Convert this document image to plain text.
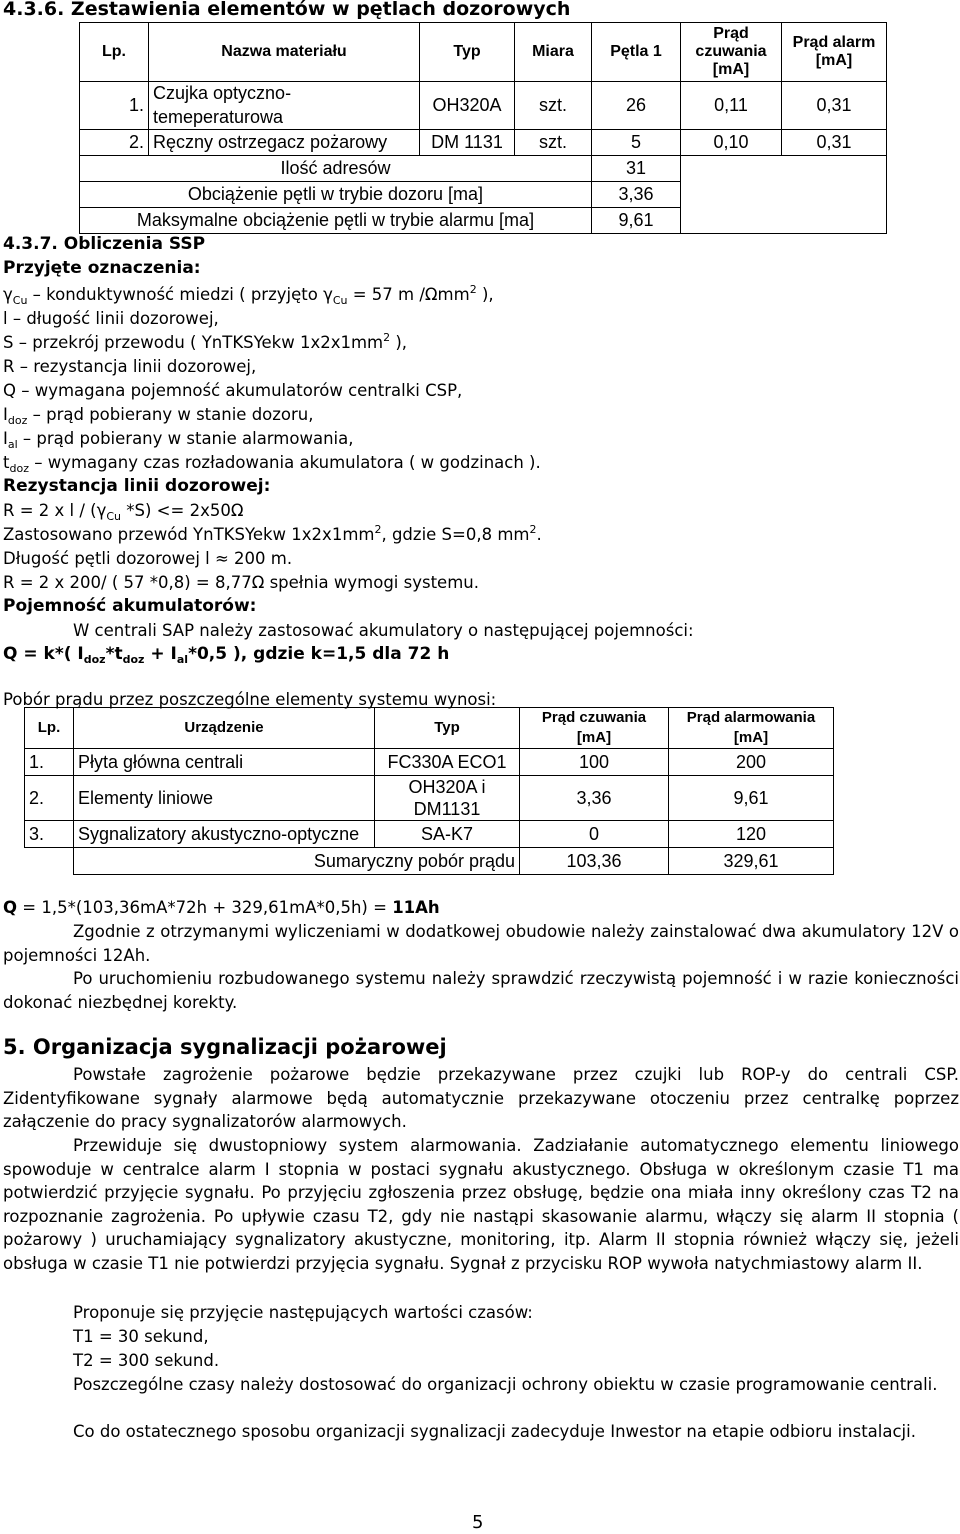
4.3.6. Zestawienia elementów w pętlach dozorowych
Lp.	Nazwa materiału	Typ	Miara	Pętla 1	Prąd czuwania [mA]	Prąd alarm [mA]
1.	Czujka optyczno-temeperaturowa	OH320A	szt.	26	0,11	0,31
2.	Ręczny ostrzegacz pożarowy	DM 1131	szt.	5	0,10	0,31
Ilość adresów				31		
Obciążenie pętli w trybie dozoru [ma]				3,36		
Maksymalne obciążenie pętli w trybie alarmu [ma]				9,61		
4.3.7. Obliczenia SSP
Przyjęte oznaczenia:
$\gamma_{Cu}$ – konduktywność miedzi ( przyjęto $\gamma_{Cu} = 57$ m /Ωmm$^2$ ),
l – długość linii dozorowej,
S – przekrój przewodu ( YnTKSYekw $1x2x1mm^2$ ),
R – rezystancja linii dozorowej,
Q – wymagana pojemność akumulatorów centralki CSP,
$I_{doz}$ – prąd pobierany w stanie dozoru,
$I_{al}$ – prąd pobierany w stanie alarmowania,
$t_{doz}$ – wymagany czas rozładowania akumulatora ( w godzinach ).
Rezystancja linii dozorowej:
R = 2 x l / ($\gamma_{Cu}$ *S) <= 2x50Ω
Zastosowano przewód YnTKSYekw $1x2x1mm^2$, gdzie S=0,8 $mm^2$.
Długość pętli dozorowej l ≈ 200 m.
R = 2 x 200/ ( 57 *0,8) = 8,77Ω spełnia wymogi systemu.
Pojemność akumulatorów:
W centrali SAP należy zastosować akumulatory o następującej pojemności:
Q = k*( $I_{doz}*t_{doz} + I_{al}*0,5$ ), gdzie k=1,5 dla 72 h
Pobór prądu przez poszczególne elementy systemu wynosi:
Lp.	Urządzenie	Typ	Prąd czuwania [mA]	Prąd alarmowania [mA]
1.	Płyta główna centrali	FC330A ECO1	100	200
2.	Elementy liniowe	OH320A i DM1131	3,36	9,61
3.	Sygnalizatory akustyczno-optyczne	SA-K7	0	120
	Sumaryczny pobór prądu		103,36	329,61
Q = 1,5*(103,36mA*72h + 329,61mA*0,5h) = 11Ah
Zgodnie z otrzymanymi wyliczeniami w dodatkowej obudowie należy zainstalować dwa akumulatory 12V o pojemności 12Ah.
Po uruchomieniu rozbudowanego systemu należy sprawdzić rzeczywistą pojemność i w razie konieczności dokonać niezbędnej korekty.
5. Organizacja sygnalizacji pożarowej
Powstałe zagrożenie pożarowe będzie przekazywane przez czujki lub ROP-y do centrali CSP. Zidentyfikowane sygnały alarmowe będą automatycznie przekazywane otoczeniu przez centralkę poprzez załączenie do pracy sygnalizatorów alarmowych.
Przewiduje się dwustopniowy system alarmowania. Zadziałanie automatycznego elementu liniowego spowoduje w centralce alarm I stopnia w postaci sygnału akustycznego. Obsługa w określonym czasie T1 ma potwierdzić przyjęcie sygnału. Po przyjęciu zgłoszenia przez obsługę, będzie ona miała inny określony czas T2 na rozpoznanie zagrożenia. Po upływie czasu T2, gdy nie nastąpi skasowanie alarmu, włączy się alarm II stopnia ( pożarowy ) uruchamiający sygnalizatory akustyczne, monitoring, itp. Alarm II stopnia również włączy się, jeżeli obsługa w czasie T1 nie potwierdzi przyjęcia sygnału. Sygnał z przycisku ROP wywoła natychmiastowy alarm II.
Proponuje się przyjęcie następujących wartości czasów:
T1 = 30 sekund,
T2 = 300 sekund.
Poszczególne czasy należy dostosować do organizacji ochrony obiektu w czasie programowanie centrali.
Co do ostatecznego sposobu organizacji sygnalizacji zadecyduje Inwestor na etapie odbioru instalacji.
5
